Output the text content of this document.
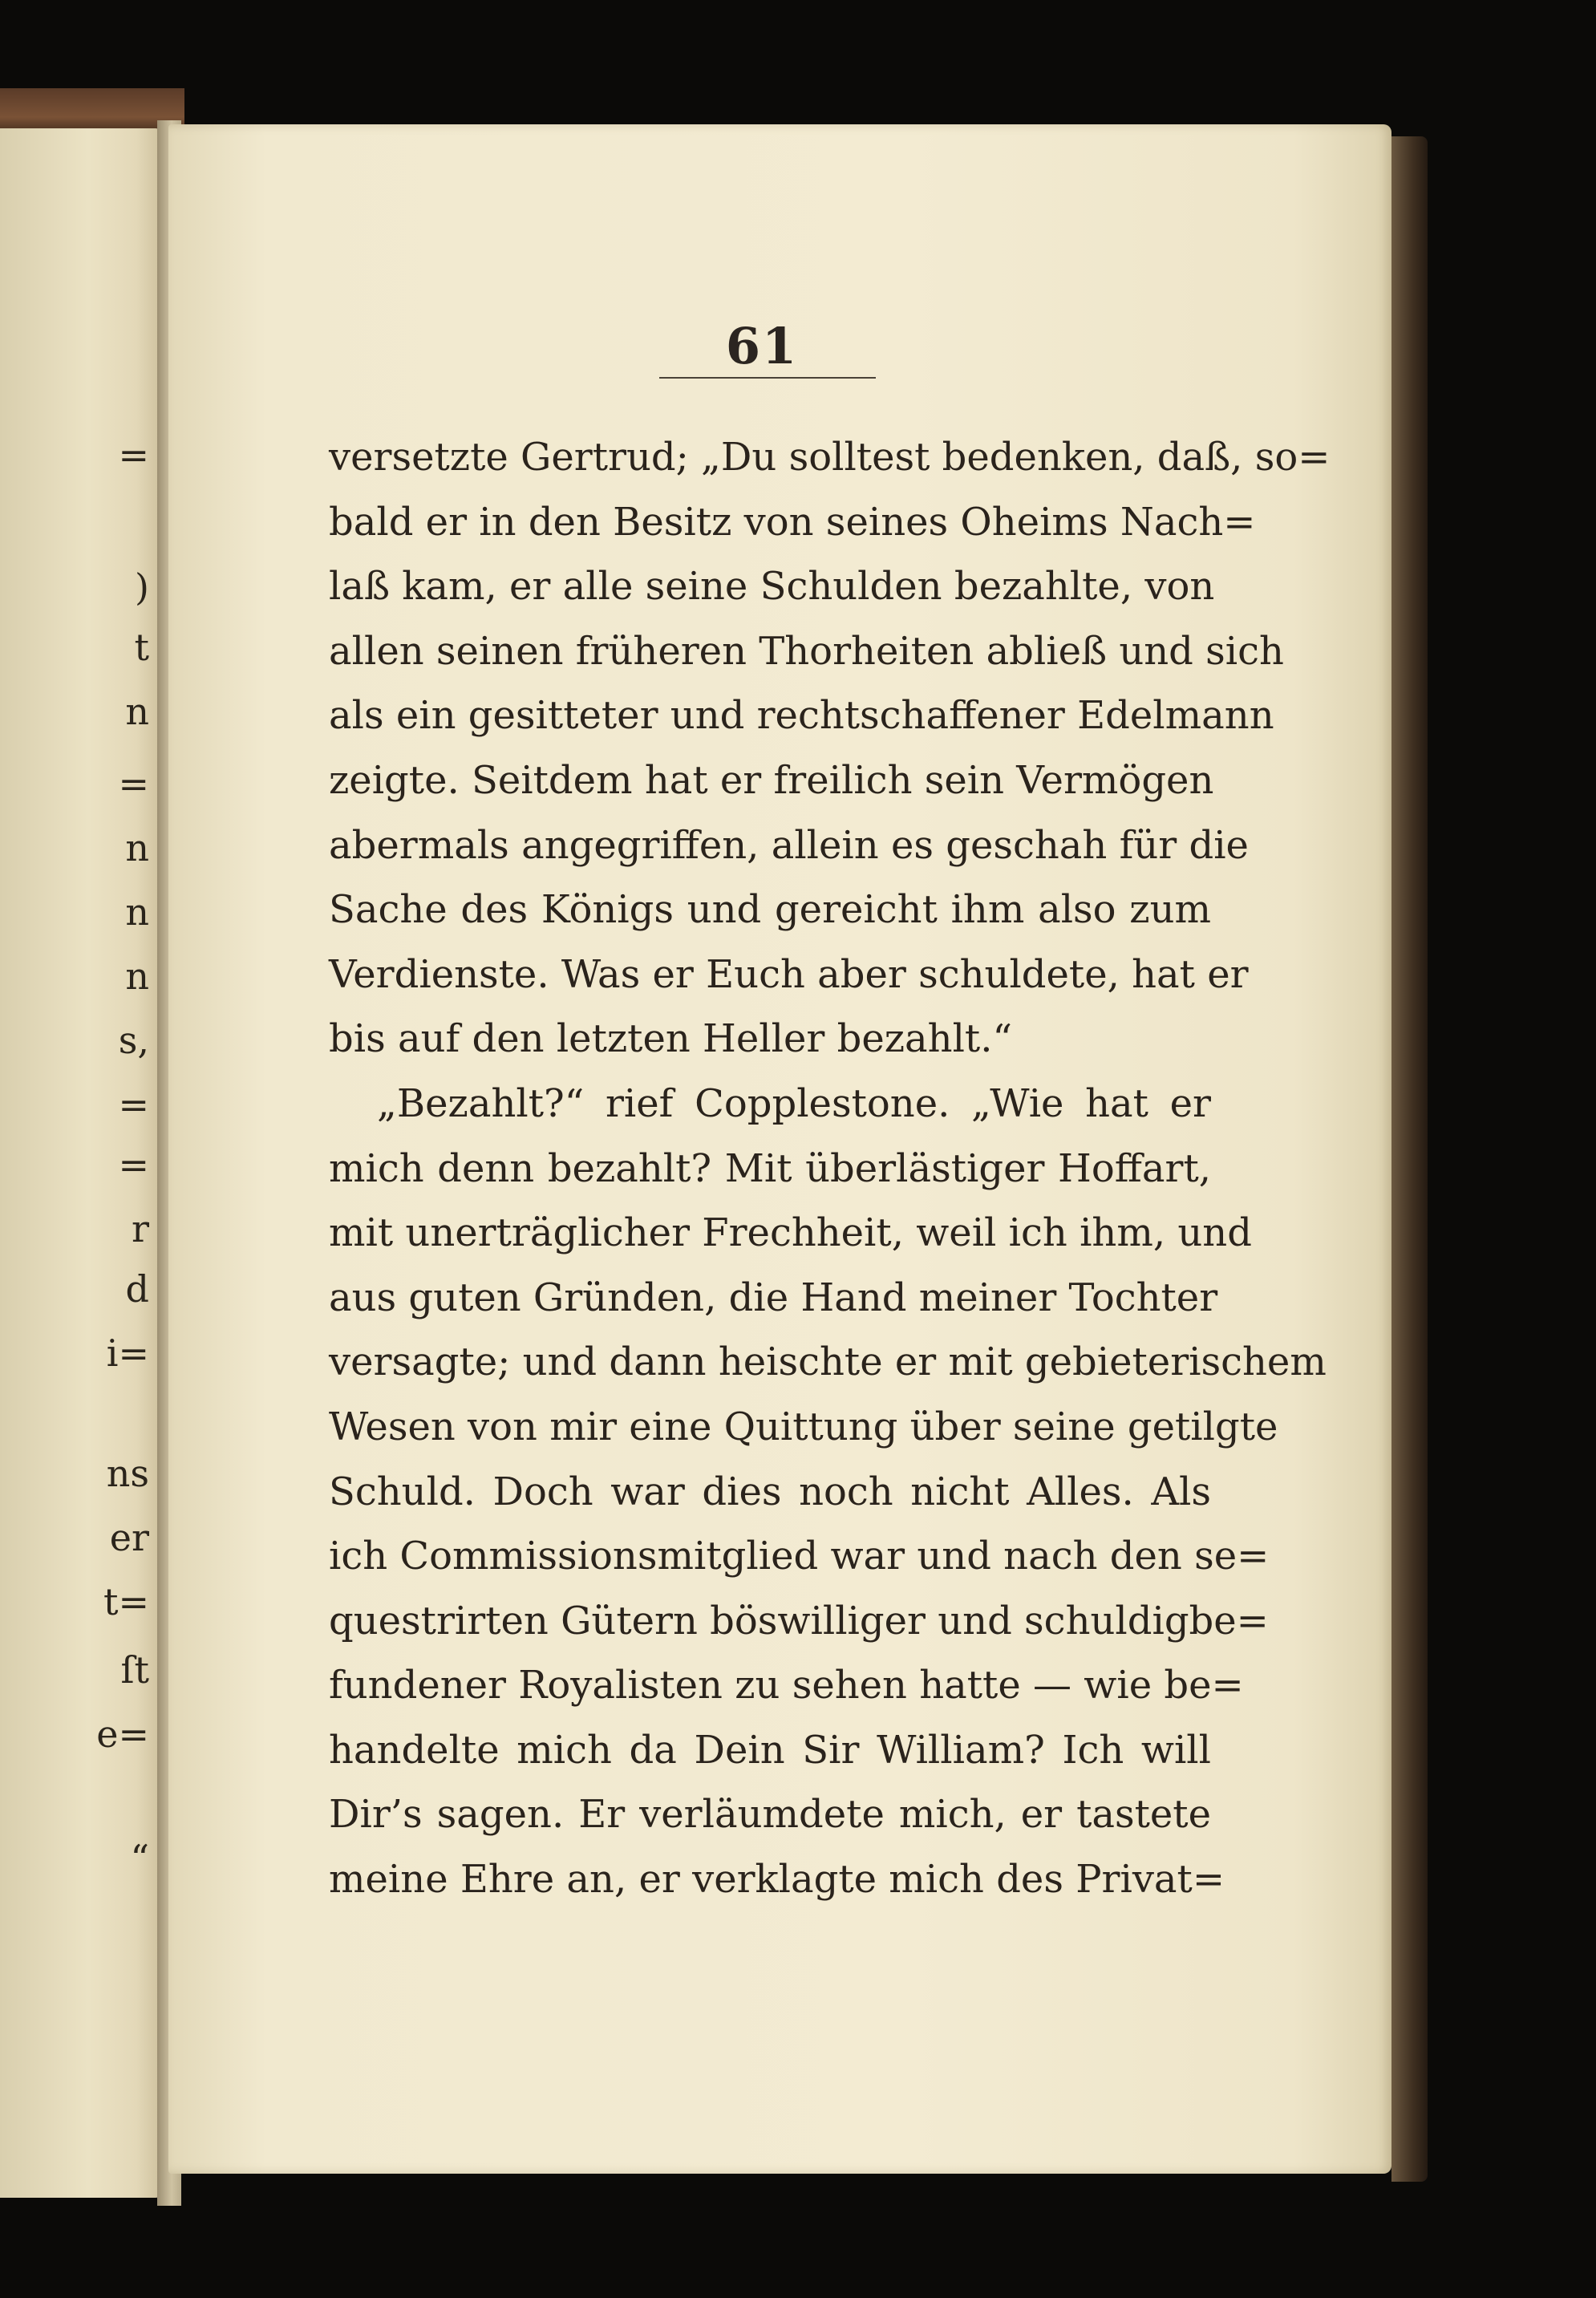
=
)
t
n
=
n
n
n
s,
=
=
r
d
i=
ns
er
t=
ſt
e=
“
61
versetzte Gertrud; „Du solltest bedenken, daß, so=
bald er in den Besitz von seines Oheims Nach=
laß kam, er alle seine Schulden bezahlte, von
allen seinen früheren Thorheiten abließ und sich
als ein gesitteter und rechtschaffener Edelmann
zeigte. Seitdem hat er freilich sein Vermögen
abermals angegriffen, allein es geschah für die
Sache des Königs und gereicht ihm also zum
Verdienste. Was er Euch aber schuldete, hat er
bis auf den letzten Heller bezahlt.“
„Bezahlt?“ rief Copplestone. „Wie hat er
mich denn bezahlt? Mit überlästiger Hoffart,
mit unerträglicher Frechheit, weil ich ihm, und
aus guten Gründen, die Hand meiner Tochter
versagte; und dann heischte er mit gebieterischem
Wesen von mir eine Quittung über seine getilgte
Schuld. Doch war dies noch nicht Alles. Als
ich Commissionsmitglied war und nach den se=
questrirten Gütern böswilliger und schuldigbe=
fundener Royalisten zu sehen hatte — wie be=
handelte mich da Dein Sir William? Ich will
Dir’s sagen. Er verläumdete mich, er tastete
meine Ehre an, er verklagte mich des Privat=
